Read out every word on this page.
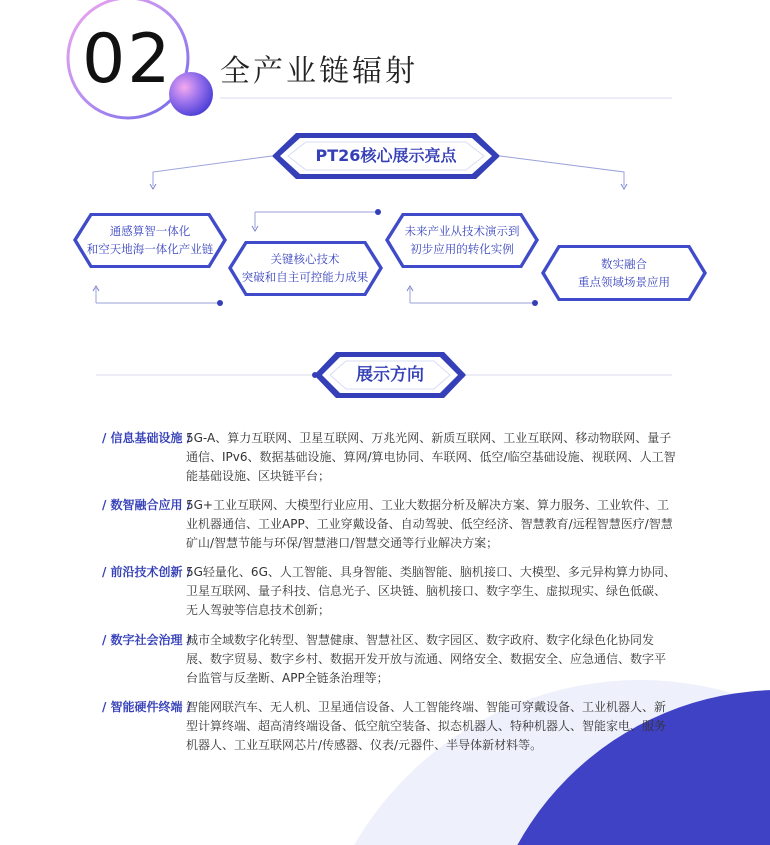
02 全产业链辐射
PT26核心展示亮点
通感算智一体化
和空天地海一体化产业链
关键核心技术
突破和自主可控能力成果
未来产业从技术演示到
初步应用的转化实例
数实融合
重点领域场景应用
展示方向
/ 信息基础设施 /
5G-A、算力互联网、卫星互联网、万兆光网、新质互联网、工业互联网、移动物联网、量子通信、IPv6、数据基础设施、算网/算电协同、车联网、低空/临空基础设施、视联网、人工智能基础设施、区块链平台；
/ 数智融合应用 /
5G+工业互联网、大模型行业应用、工业大数据分析及解决方案、算力服务、工业软件、工业机器通信、工业APP、工业穿戴设备、自动驾驶、低空经济、智慧教育/远程智慧医疗/智慧矿山/智慧节能与环保/智慧港口/智慧交通等行业解决方案；
/ 前沿技术创新 /
5G轻量化、6G、人工智能、具身智能、类脑智能、脑机接口、大模型、多元异构算力协同、卫星互联网、量子科技、信息光子、区块链、脑机接口、数字孪生、虚拟现实、绿色低碳、无人驾驶等信息技术创新；
/ 数字社会治理 /
城市全域数字化转型、智慧健康、智慧社区、数字园区、数字政府、数字化绿色化协同发展、数字贸易、数字乡村、数据开发开放与流通、网络安全、数据安全、应急通信、数字平台监管与反垄断、APP全链条治理等；
/ 智能硬件终端 /
智能网联汽车、无人机、卫星通信设备、人工智能终端、智能可穿戴设备、工业机器人、新型计算终端、超高清终端设备、低空航空装备、拟态机器人、特种机器人、智能家电、服务机器人、工业互联网芯片/传感器、仪表/元器件、半导体新材料等。
